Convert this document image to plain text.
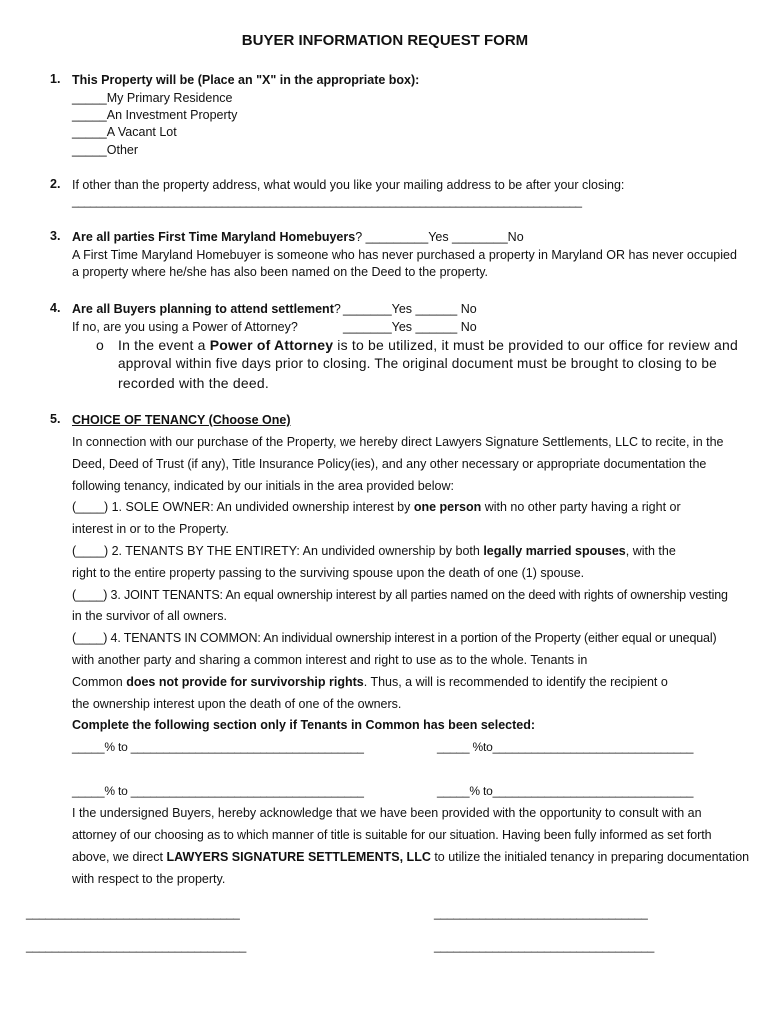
BUYER INFORMATION REQUEST FORM
1. This Property will be (Place an "X" in the appropriate box):
_____My Primary Residence
_____An Investment Property
_____A Vacant Lot
_____Other
2. If other than the property address, what would you like your mailing address to be after your closing:
_____________________________________________________________________________________
3. Are all parties First Time Maryland Homebuyers? _________Yes ________No
A First Time Maryland Homebuyer is someone who has never purchased a property in Maryland OR has never occupied
a property where he/she has also been named on the Deed to the property.
4. Are all Buyers planning to attend settlement? _______Yes ______ No
If no, are you using a Power of Attorney?	_______Yes ______ No
o In the event a Power of Attorney is to be utilized, it must be provided to our office for review and
approval within five days prior to closing. The original document must be brought to closing to be
recorded with the deed.
5. CHOICE OF TENANCY (Choose One)
In connection with our purchase of the Property, we hereby direct Lawyers Signature Settlements, LLC to recite, in the
Deed, Deed of Trust (if any), Title Insurance Policy(ies), and any other necessary or appropriate documentation the
following tenancy, indicated by our initials in the area provided below:
(____) 1. SOLE OWNER: An undivided ownership interest by one person with no other party having a right or
interest in or to the Property.
(____) 2. TENANTS BY THE ENTIRETY: An undivided ownership by both legally married spouses, with the
right to the entire property passing to the surviving spouse upon the death of one (1) spouse.
(____) 3. JOINT TENANTS: An equal ownership interest by all parties named on the deed with rights of ownership vesting
in the survivor of all owners.
(____) 4. TENANTS IN COMMON: An individual ownership interest in a portion of the Property (either equal or unequal)
with another party and sharing a common interest and right to use as to the whole. Tenants in
Common does not provide for survivorship rights. Thus, a will is recommended to identify the recipient o
the ownership interest upon the death of one of the owners.
Complete the following section only if Tenants in Common has been selected:
_____% to ____________________________________	_____ %to_______________________________
_____% to ____________________________________	_____% to_______________________________
I the undersigned Buyers, hereby acknowledge that we have been provided with the opportunity to consult with an
attorney of our choosing as to which manner of title is suitable for our situation. Having been fully informed as set forth
above, we direct LAWYERS SIGNATURE SETTLEMENTS, LLC to utilize the initialed tenancy in preparing documentation
with respect to the property.
_________________________________	_________________________________
__________________________________	__________________________________
